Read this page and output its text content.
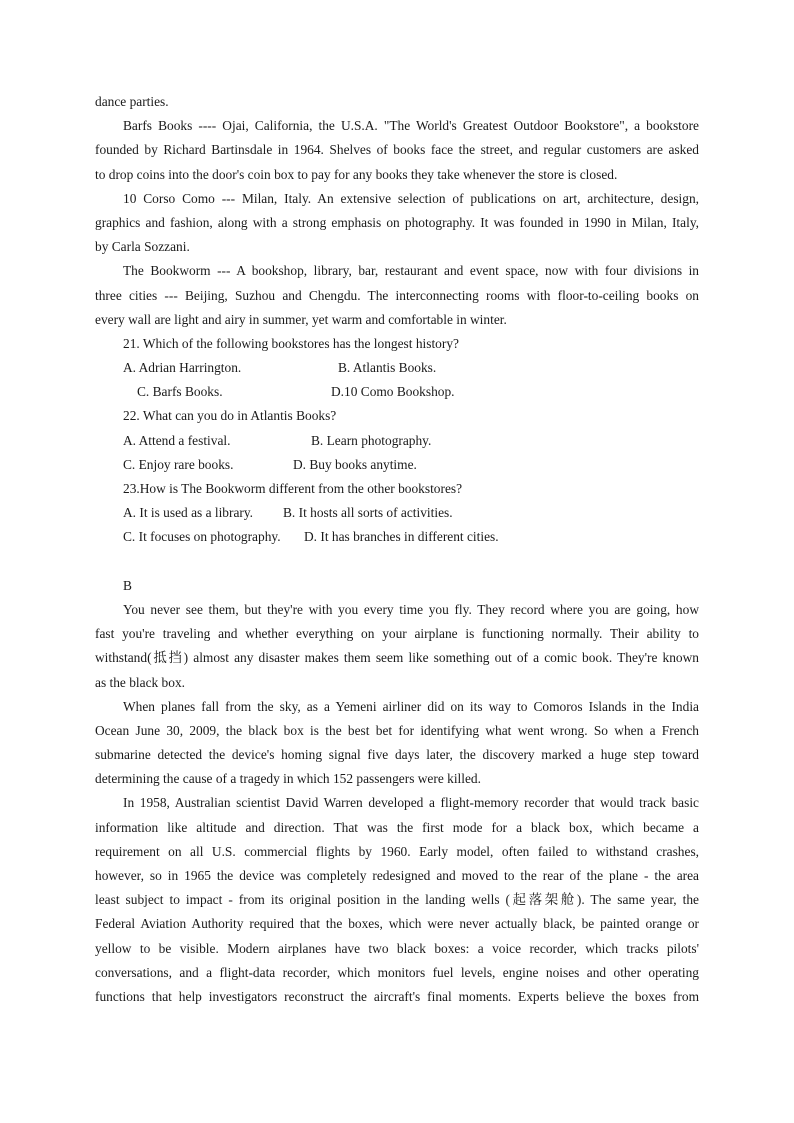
dance parties.
Barfs Books ---- Ojai, California, the U.S.A. "The World's Greatest Outdoor Bookstore", a bookstore
founded by Richard Bartinsdale in 1964. Shelves of books face the street, and regular customers are asked
to drop coins into the door's coin box to pay for any books they take whenever the store is closed.
10 Corso Como --- Milan, Italy. An extensive selection of publications on art, architecture, design,
graphics and fashion, along with a strong emphasis on photography. It was founded in 1990 in Milan, Italy,
by Carla Sozzani.
The Bookworm --- A bookshop, library, bar, restaurant and event space, now with four divisions in
three cities --- Beijing, Suzhou and Chengdu. The interconnecting rooms with floor-to-ceiling books on
every wall are light and airy in summer, yet warm and comfortable in winter.
21. Which of the following bookstores has the longest history?
A. Adrian Harrington.	B. Atlantis Books.
C. Barfs Books.	D.10 Como Bookshop.
22. What can you do in Atlantis Books?
A. Attend a festival.	B. Learn photography.
C. Enjoy rare books.	D. Buy books anytime.
23.How is The Bookworm different from the other bookstores?
A. It is used as a library. B. It hosts all sorts of activities.
C. It focuses on photography. D. It has branches in different cities.
B
You never see them, but they're with you every time you fly. They record where you are going, how
fast you're traveling and whether everything on your airplane is functioning normally. Their ability to
withstand(抵挡) almost any disaster makes them seem like something out of a comic book. They're known
as the black box.
When planes fall from the sky, as a Yemeni airliner did on its way to Comoros Islands in the India
Ocean June 30, 2009, the black box is the best bet for identifying what went wrong. So when a French
submarine detected the device's homing signal five days later, the discovery marked a huge step toward
determining the cause of a tragedy in which 152 passengers were killed.
In 1958, Australian scientist David Warren developed a flight-memory recorder that would track basic
information like altitude and direction. That was the first mode for a black box, which became a
requirement on all U.S. commercial flights by 1960. Early model, often failed to withstand crashes,
however, so in 1965 the device was completely redesigned and moved to the rear of the plane - the area
least subject to impact - from its original position in the landing wells (起落架舱). The same year, the
Federal Aviation Authority required that the boxes, which were never actually black, be painted orange or
yellow to be visible. Modern airplanes have two black boxes: a voice recorder, which tracks pilots'
conversations, and a flight-data recorder, which monitors fuel levels, engine noises and other operating
functions that help investigators reconstruct the aircraft's final moments. Experts believe the boxes from
